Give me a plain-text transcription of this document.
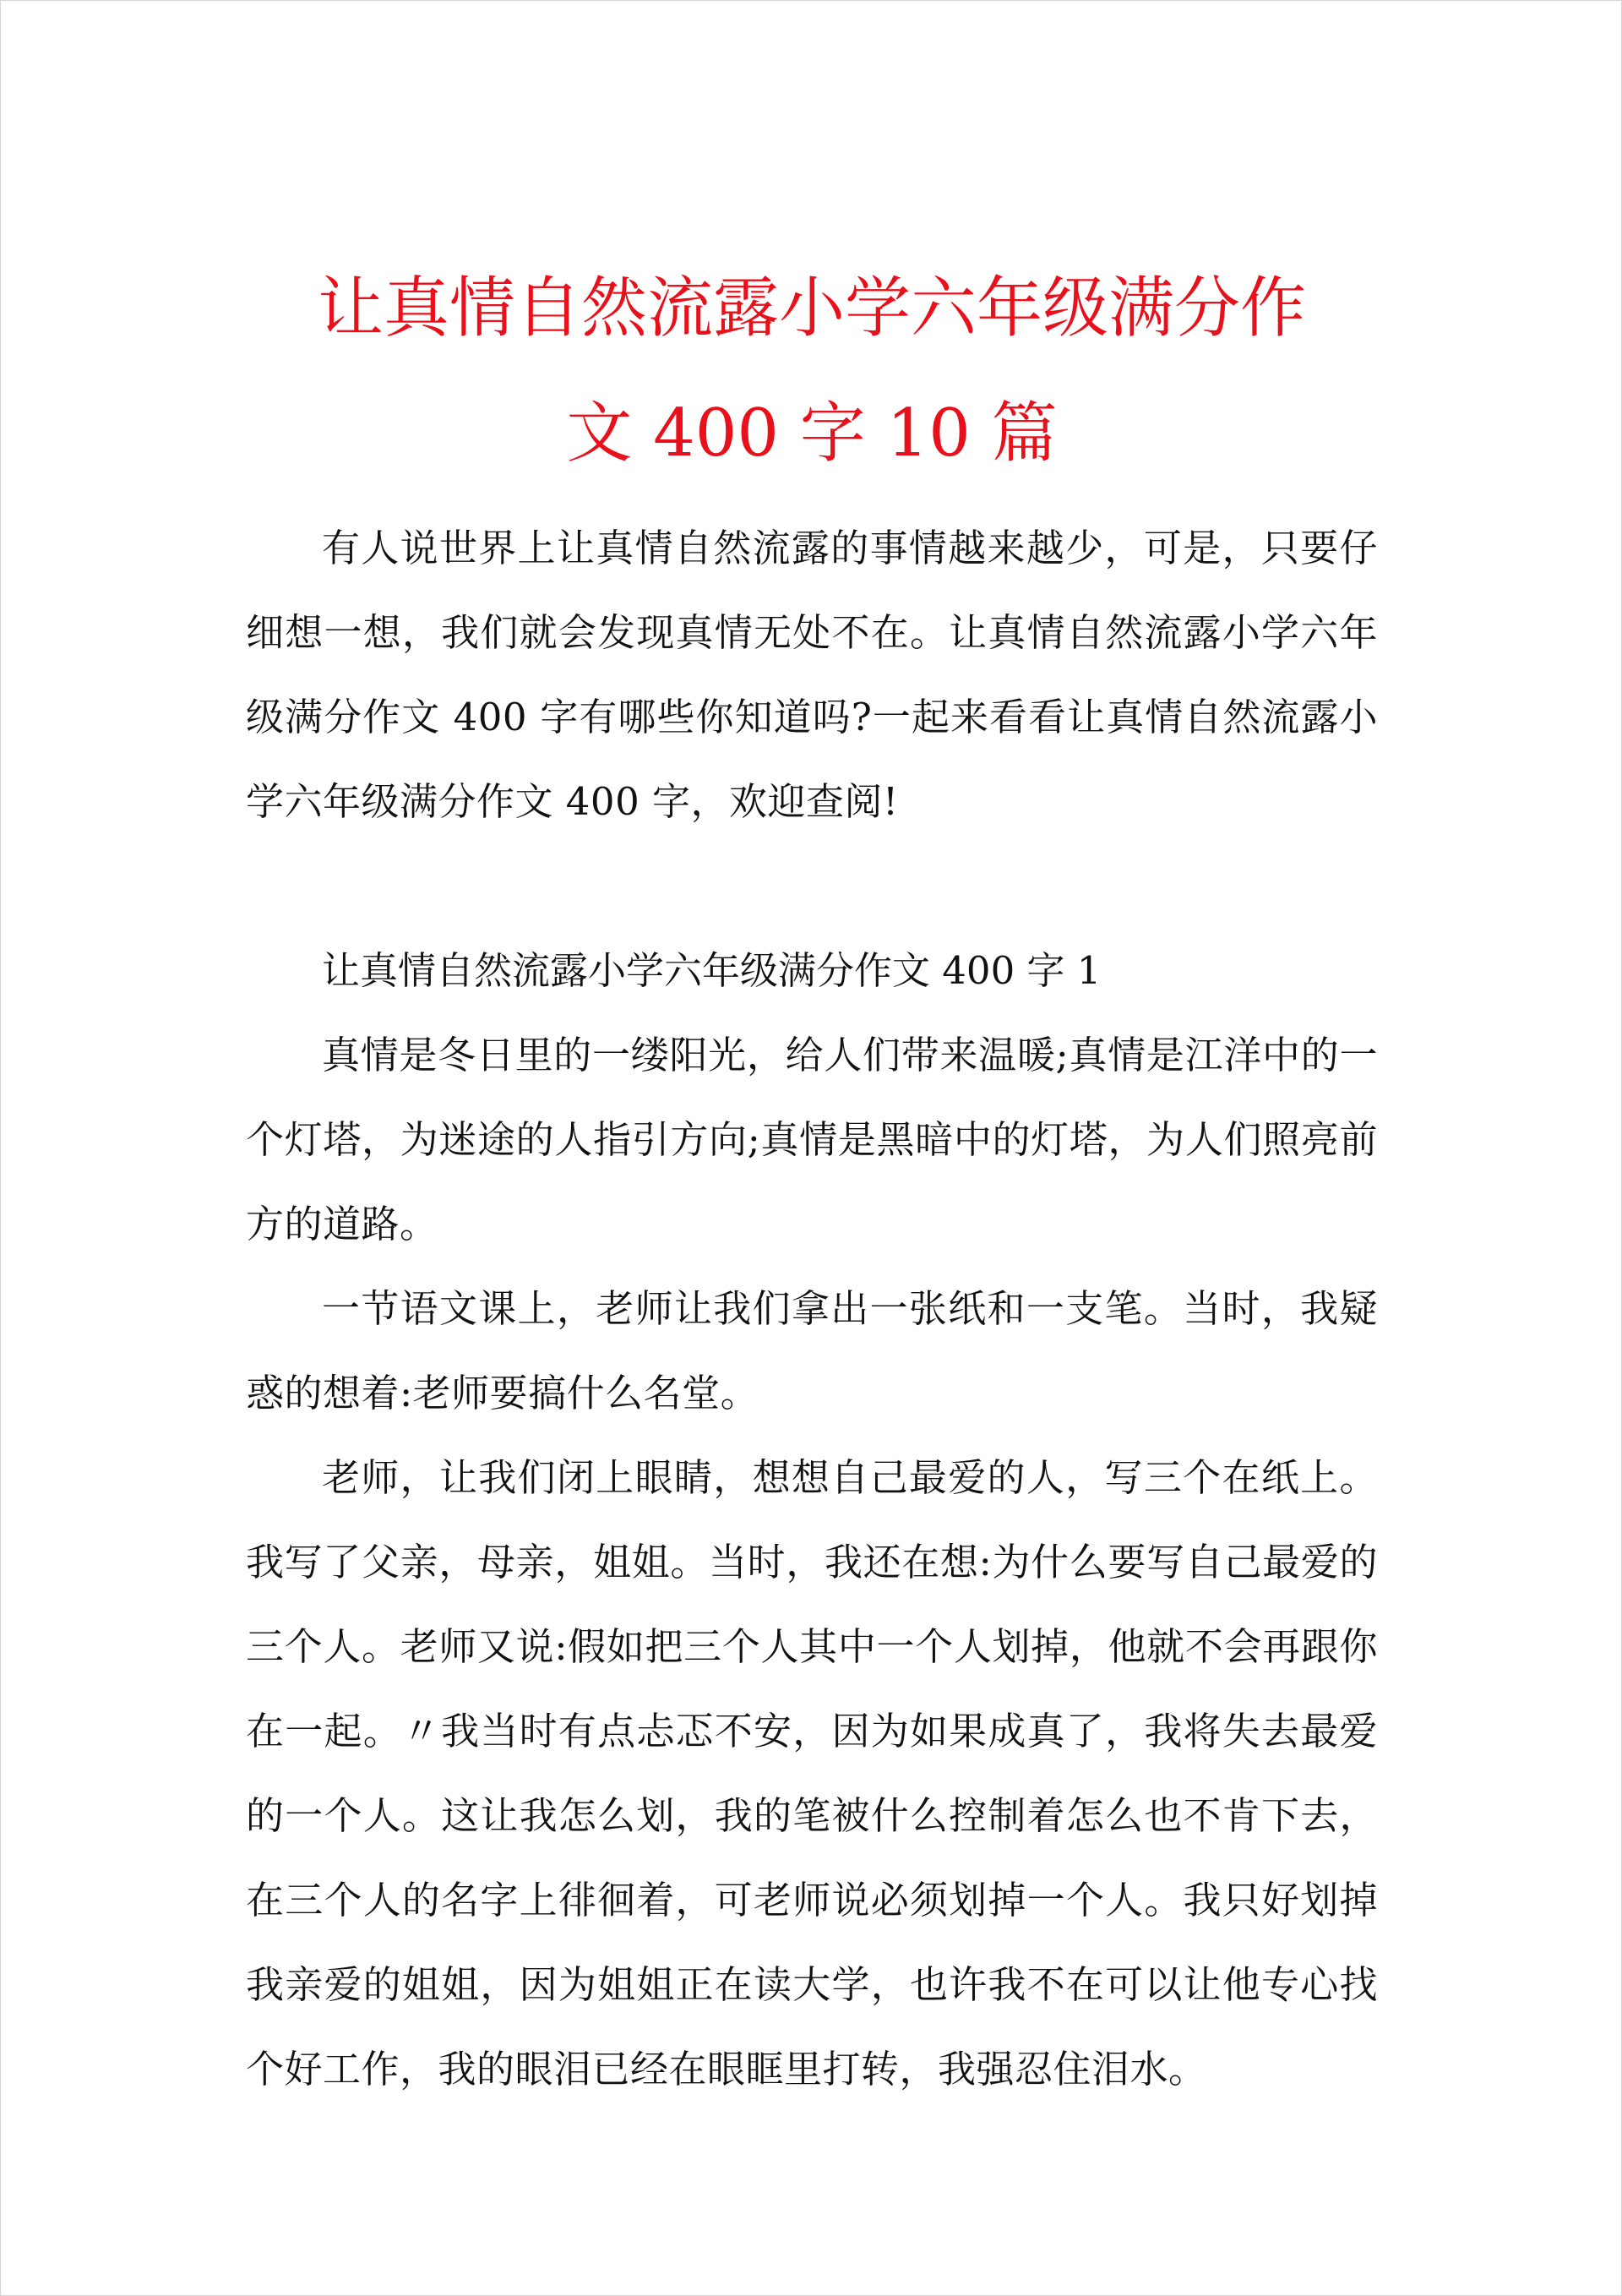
让真情自然流露小学六年级满分作
文 400 字 10 篇

有人说世界上让真情自然流露的事情越来越少，可是，只要仔细想一想，我们就会发现真情无处不在。让真情自然流露小学六年级满分作文 400 字有哪些你知道吗?一起来看看让真情自然流露小学六年级满分作文 400 字，欢迎查阅!

让真情自然流露小学六年级满分作文 400 字 1

真情是冬日里的一缕阳光，给人们带来温暖;真情是江洋中的一个灯塔，为迷途的人指引方向;真情是黑暗中的灯塔，为人们照亮前方的道路。

一节语文课上，老师让我们拿出一张纸和一支笔。当时，我疑惑的想着:老师要搞什么名堂。

老师，让我们闭上眼睛，想想自己最爱的人，写三个在纸上。我写了父亲，母亲，姐姐。当时，我还在想:为什么要写自己最爱的三个人。老师又说:假如把三个人其中一个人划掉，他就不会再跟你在一起。〃我当时有点忐忑不安，因为如果成真了，我将失去最爱的一个人。这让我怎么划，我的笔被什么控制着怎么也不肯下去，在三个人的名字上徘徊着，可老师说必须划掉一个人。我只好划掉我亲爱的姐姐，因为姐姐正在读大学，也许我不在可以让他专心找个好工作，我的眼泪已经在眼眶里打转，我强忍住泪水。
